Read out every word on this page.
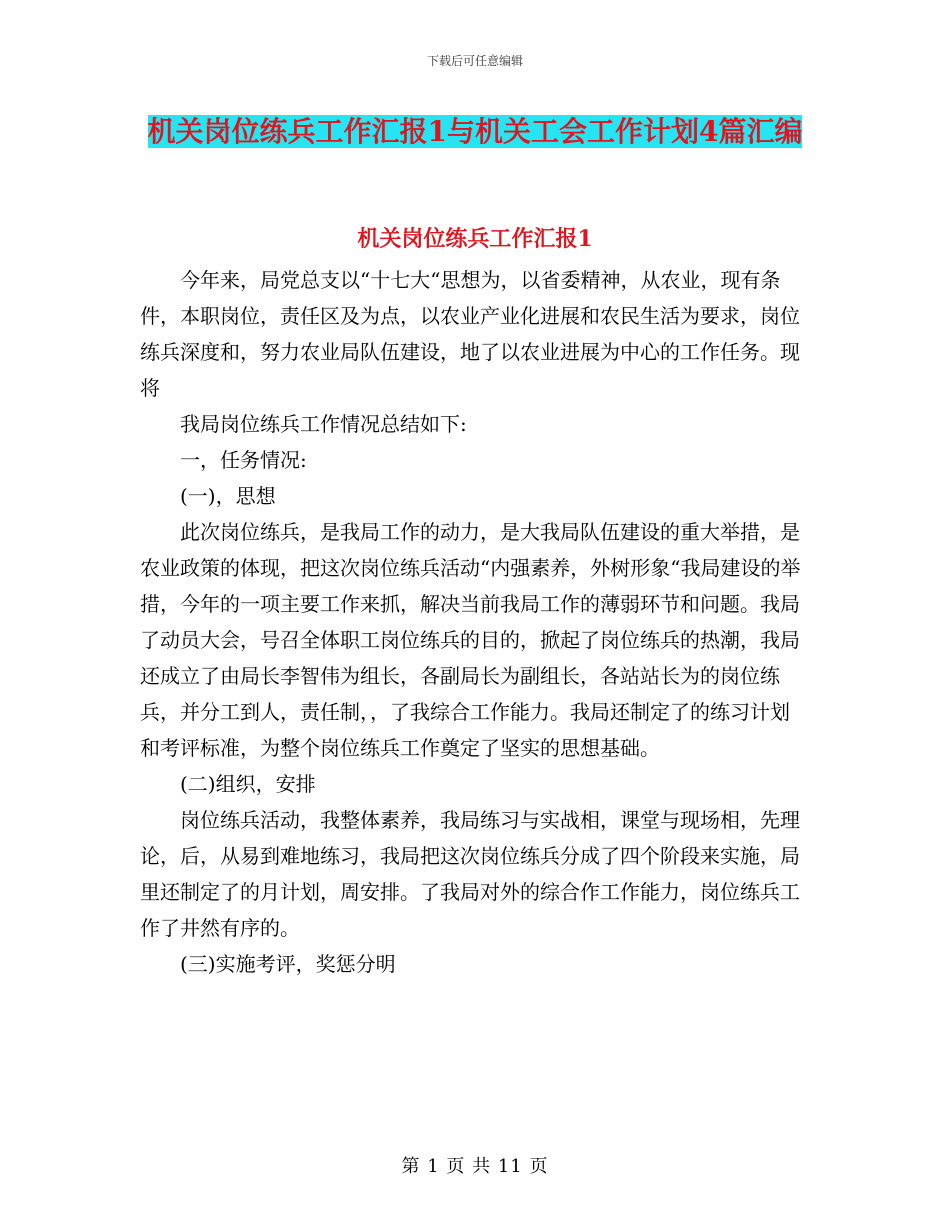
下载后可任意编辑
机关岗位练兵工作汇报1与机关工会工作计划4篇汇编
机关岗位练兵工作汇报1

今年来，局党总支以“十七大“思想为，以省委精神，从农业，现有条件，本职岗位，责任区及为点，以农业产业化进展和农民生活为要求，岗位练兵深度和，努力农业局队伍建设，地了以农业进展为中心的工作任务。现将

我局岗位练兵工作情况总结如下:

一，任务情况:

(一)，思想

此次岗位练兵，是我局工作的动力，是大我局队伍建设的重大举措，是农业政策的体现，把这次岗位练兵活动“内强素养，外树形象“我局建设的举措，今年的一项主要工作来抓，解决当前我局工作的薄弱环节和问题。我局了动员大会，号召全体职工岗位练兵的目的，掀起了岗位练兵的热潮，我局还成立了由局长李智伟为组长，各副局长为副组长，各站站长为的岗位练兵，并分工到人，责任制，，了我综合工作能力。我局还制定了的练习计划和考评标准，为整个岗位练兵工作奠定了坚实的思想基础。

(二)组织，安排

岗位练兵活动，我整体素养，我局练习与实战相，课堂与现场相，先理论，后，从易到难地练习，我局把这次岗位练兵分成了四个阶段来实施，局里还制定了的月计划，周安排。了我局对外的综合作工作能力，岗位练兵工作了井然有序的。

(三)实施考评，奖惩分明

第 1 页 共 11 页
